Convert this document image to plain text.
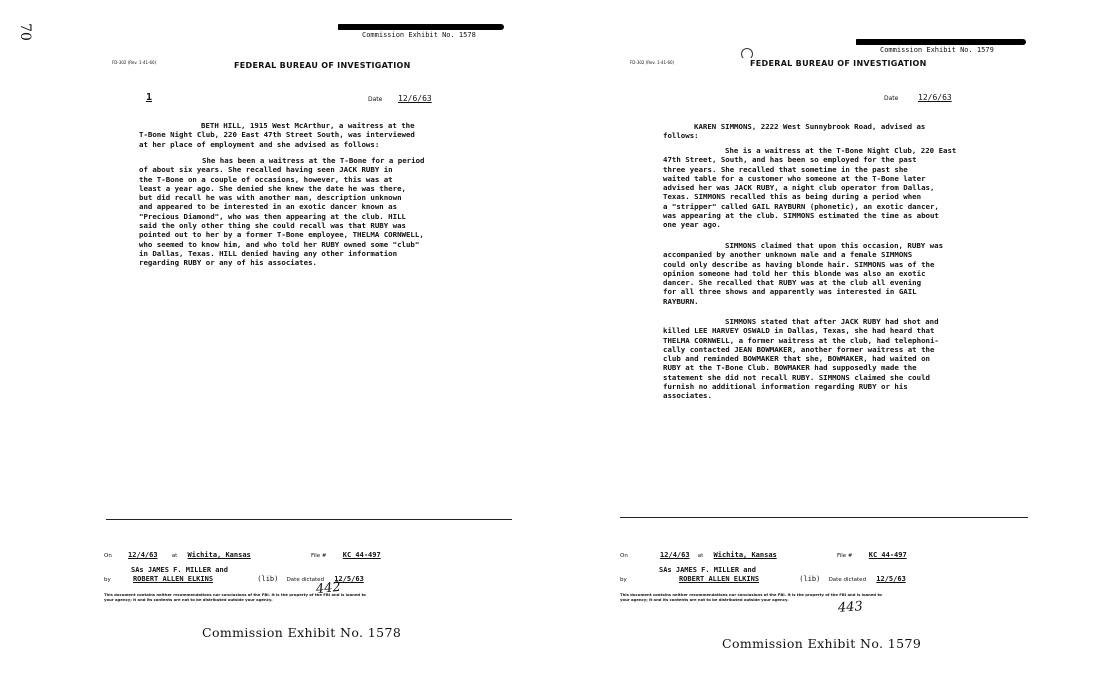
70	Commission Exhibit No. 1578
FD-302 (Rev. 1-41-60)	FEDERAL BUREAU OF INVESTIGATION
1	Date 12/6/63
BETH HILL, 1915 West McArthur, a waitress at the
T-Bone Night Club, 220 East 47th Street South, was interviewed
at her place of employment and she advised as follows:
She has been a waitress at the T-Bone for a period
of about six years. She recalled having seen JACK RUBY in
the T-Bone on a couple of occasions, however, this was at
least a year ago. She denied she knew the date he was there,
but did recall he was with another man, description unknown
and appeared to be interested in an exotic dancer known as
"Precious Diamond", who was then appearing at the club. HILL
said the only other thing she could recall was that RUBY was
pointed out to her by a former T-Bone employee, THELMA CORNWELL,
who seemed to know him, and who told her RUBY owned some "club"
in Dallas, Texas. HILL denied having any other information
regarding RUBY or any of his associates.
On 12/4/63	at Wichita, Kansas	File # KC 44-497
SAs JAMES F. MILLER and
by	ROBERT ALLEN ELKINS	(lib) Date dictated 12/5/63
This document contains neither recommendations nor conclusions of the FBI. It is the property of the FBI and is loaned to
your agency; it and its contents are not to be distributed outside your agency.
442
Commission Exhibit No. 1578
Commission Exhibit No. 1579
FD-302 (Rev. 1-41-60)	FEDERAL BUREAU OF INVESTIGATION
Date 12/6/63
KAREN SIMMONS, 2222 West Sunnybrook Road, advised as
follows:
She is a waitress at the T-Bone Night Club, 220 East
47th Street, South, and has been so employed for the past
three years. She recalled that sometime in the past she
waited table for a customer who someone at the T-Bone later
advised her was JACK RUBY, a night club operator from Dallas,
Texas. SIMMONS recalled this as being during a period when
a "stripper" called GAIL RAYBURN (phonetic), an exotic dancer,
was appearing at the club. SIMMONS estimated the time as about
one year ago.
SIMMONS claimed that upon this occasion, RUBY was
accompanied by another unknown male and a female SIMMONS
could only describe as having blonde hair. SIMMONS was of the
opinion someone had told her this blonde was also an exotic
dancer. She recalled that RUBY was at the club all evening
for all three shows and apparently was interested in GAIL
RAYBURN.
SIMMONS stated that after JACK RUBY had shot and
killed LEE HARVEY OSWALD in Dallas, Texas, she had heard that
THELMA CORNWELL, a former waitress at the club, had telephoni-
cally contacted JEAN BOWMAKER, another former waitress at the
club and reminded BOWMAKER that she, BOWMAKER, had waited on
RUBY at the T-Bone Club. BOWMAKER had supposedly made the
statement she did not recall RUBY. SIMMONS claimed she could
furnish no additional information regarding RUBY or his
associates.
On	12/4/63 at Wichita, Kansas	File # KC 44-497
SAs JAMES F. MILLER and
by	ROBERT ALLEN ELKINS	(lib) Date dictated 12/5/63
This document contains neither recommendations nor conclusions of the FBI. It is the property of the FBI and is loaned to
your agency; it and its contents are not to be distributed outside your agency.
443
Commission Exhibit No. 1579
